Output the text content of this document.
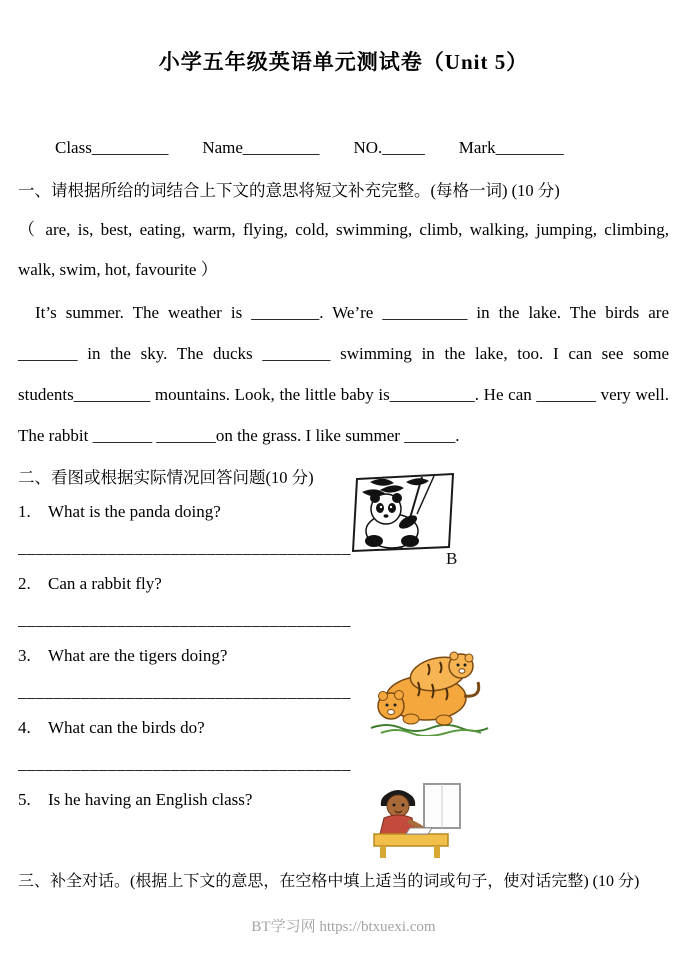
小学五年级英语单元测试卷（Unit 5）
Class_________ Name_________ NO._____ Mark________

一、请根据所给的词结合上下文的意思将短文补充完整。(每格一词) (10 分)

（ are, is, best, eating, warm, flying, cold, swimming, climb, walking, jumping, climbing, walk, swim, hot, favourite ）

It’s summer. The weather is ________. We’re __________ in the lake. The birds are _______ in the sky. The ducks ________ swimming in the lake, too. I can see some students_________ mountains. Look, the little baby is__________. He can _______ very well. The rabbit _______ _______on the grass. I like summer ______.

二、看图或根据实际情况回答问题(10 分)

1. What is the panda doing?

_____________________________________

2. Can a rabbit fly?

_____________________________________

3. What are the tigers doing?

_____________________________________

4. What can the birds do?

_____________________________________

5. Is he having an English class?

三、补全对话。(根据上下文的意思，在空格中填上适当的词或句子，使对话完整) (10 分)

BT学习网 https://btxuexi.com
B
